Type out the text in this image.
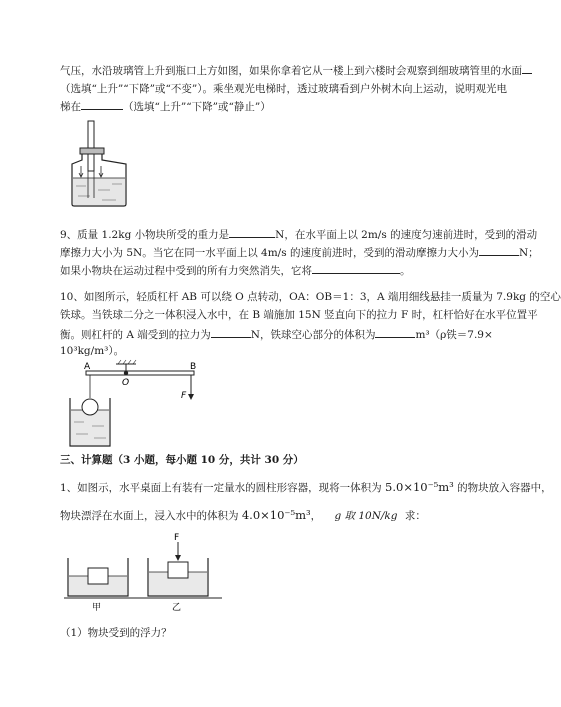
气压，水沿玻璃管上升到瓶口上方如图，如果你拿着它从一楼上到六楼时会观察到细玻璃管里的水面
（选填“上升”“下降”或“不变”）。乘坐观光电梯时，透过玻璃看到户外树木向上运动，说明观光电
梯在	（选填“上升”“下降”或“静止”）
9、质量 1.2kg 小物块所受的重力是	N，在水平面上以 2m/s 的速度匀速前进时，受到的滑动
摩擦力大小为 5N。当它在同一水平面上以 4m/s 的速度前进时，受到的滑动摩擦力大小为	N；
如果小物块在运动过程中受到的所有力突然消失，它将	。
10、如图所示，轻质杠杆 AB 可以绕 O 点转动，OA：OB＝1：3，A 端用细线悬挂一质量为 7.9kg 的空心
铁球。当铁球二分之一体积浸入水中，在 B 端施加 15N 竖直向下的拉力 F 时，杠杆恰好在水平位置平
衡。则杠杆的 A 端受到的拉力为	N，铁球空心部分的体积为	m³（ρ铁＝7.9×
10³kg/m³）。
A
O
B
F
三、计算题（3 小题，每小题 10 分，共计 30 分）
1、如图示，水平桌面上有装有一定量水的圆柱形容器，现将一体积为 5.0×10⁻⁵m³ 的物块放入容器中，
物块漂浮在水面上，浸入水中的体积为 4.0×10⁻⁵m³， g 取 10N/kg 求：
F
甲	乙
（1）物块受到的浮力？
